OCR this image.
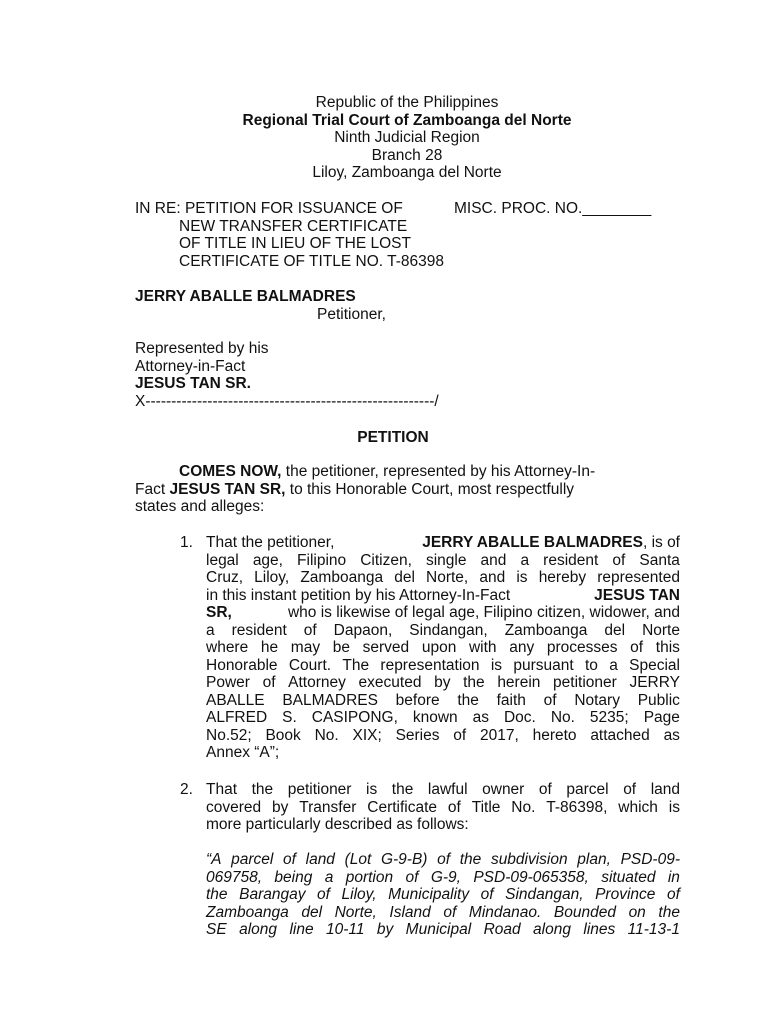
Republic of the Philippines
Regional Trial Court of Zamboanga del Norte
Ninth Judicial Region
Branch 28
Liloy, Zamboanga del Norte
IN RE: PETITION FOR ISSUANCE OF	MISC. PROC. NO.________
NEW TRANSFER CERTIFICATE
OF TITLE IN LIEU OF THE LOST
CERTIFICATE OF TITLE NO. T-86398
JERRY ABALLE BALMADRES
Petitioner,
Represented by his
Attorney-in-Fact
JESUS TAN SR.
X--------------------------------------------------------/
PETITION
COMES NOW, the petitioner, represented by his Attorney-In-
Fact JESUS TAN SR, to this Honorable Court, most respectfully
states and alleges:
1. That the petitioner,	JERRY ABALLE BALMADRES, is of
legal age, Filipino Citizen, single and a resident of Santa
Cruz, Liloy, Zamboanga del Norte, and is hereby represented
in this instant petition by his Attorney-In-Fact	JESUS TAN
SR,	who is likewise of legal age, Filipino citizen, widower, and
a resident of Dapaon, Sindangan, Zamboanga del Norte
where he may be served upon with any processes of this
Honorable Court. The representation is pursuant to a Special
Power of Attorney executed by the herein petitioner JERRY
ABALLE BALMADRES before the faith of Notary Public
ALFRED S. CASIPONG, known as Doc. No. 5235; Page
No.52; Book No. XIX; Series of 2017, hereto attached as
Annex “A”;
2. That the petitioner is the lawful owner of parcel of land
covered by Transfer Certificate of Title No. T-86398, which is
more particularly described as follows:
“A parcel of land (Lot G-9-B) of the subdivision plan, PSD-09-
069758, being a portion of G-9, PSD-09-065358, situated in
the Barangay of Liloy, Municipality of Sindangan, Province of
Zamboanga del Norte, Island of Mindanao. Bounded on the
SE along line 10-11 by Municipal Road along lines 11-13-1
